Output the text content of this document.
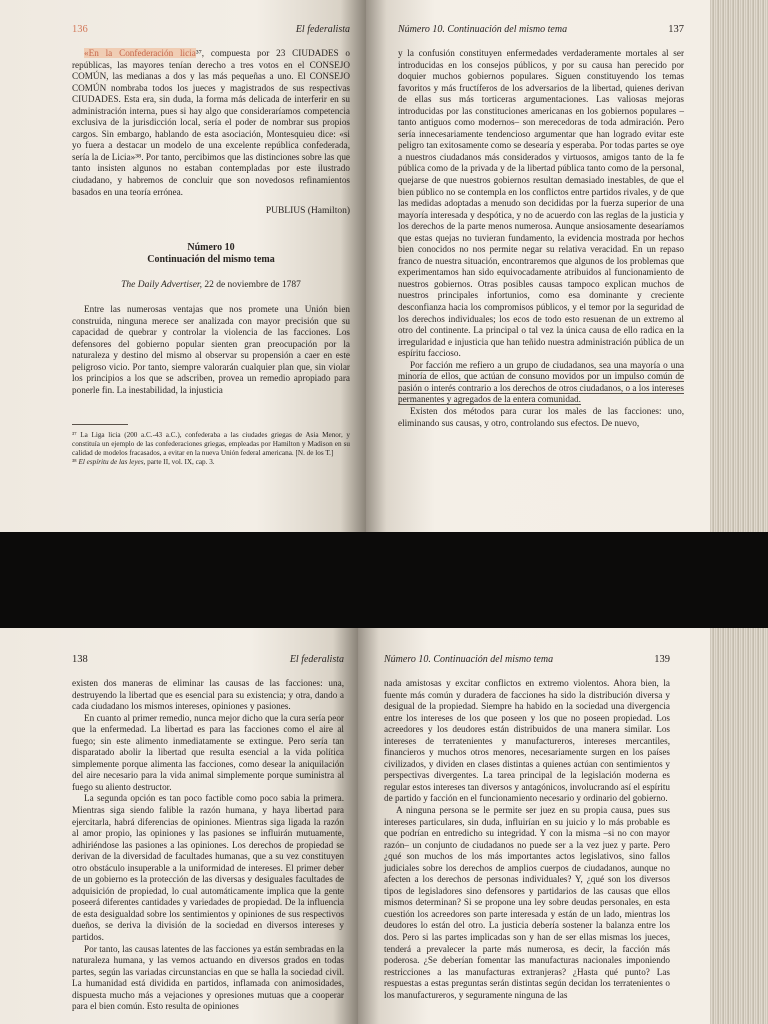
136	El federalista

«En la Confederación licia³⁷, compuesta por 23 CIUDADES o repúblicas, las mayores tenían derecho a tres votos en el CONSEJO COMÚN, las medianas a dos y las más pequeñas a uno. El CONSEJO COMÚN nombraba todos los jueces y magistrados de sus respectivas CIUDADES. Esta era, sin duda, la forma más delicada de interferir en su administración interna, pues si hay algo que consideraríamos competencia exclusiva de la jurisdicción local, sería el poder de nombrar sus propios cargos. Sin embargo, hablando de esta asociación, Montesquieu dice: «si yo fuera a destacar un modelo de una excelente república confederada, sería la de Licia»³⁸. Por tanto, percibimos que las distinciones sobre las que tanto insisten algunos no estaban contempladas por este ilustrado ciudadano, y habremos de concluir que son novedosos refinamientos basados en una teoría errónea.

PUBLIUS (Hamilton)
Número 10
Continuación del mismo tema
The Daily Advertiser, 22 de noviembre de 1787

Entre las numerosas ventajas que nos promete una Unión bien construida, ninguna merece ser analizada con mayor precisión que su capacidad de quebrar y controlar la violencia de las facciones. Los defensores del gobierno popular sienten gran preocupación por la naturaleza y destino del mismo al observar su propensión a caer en este peligroso vicio. Por tanto, siempre valorarán cualquier plan que, sin violar los principios a los que se adscriben, provea un remedio apropiado para ponerle fin. La inestabilidad, la injusticia

³⁷ La Liga licia (200 a.C.-43 a.C.), confederaba a las ciudades griegas de Asia Menor, y constituía un ejemplo de las confederaciones griegas, empleadas por Hamilton y Madison en su calidad de modelos fracasados, a evitar en la nueva Unión federal americana. [N. de los T.]

³⁸ El espíritu de las leyes, parte II, vol. IX, cap. 3.

Número 10. Continuación del mismo tema	137

y la confusión constituyen enfermedades verdaderamente mortales al ser introducidas en los consejos públicos, y por su causa han perecido por doquier muchos gobiernos populares. Siguen constituyendo los temas favoritos y más fructíferos de los adversarios de la libertad, quienes derivan de ellas sus más torticeras argumentaciones. Las valiosas mejoras introducidas por las constituciones americanas en los gobiernos populares –tanto antiguos como modernos– son merecedoras de toda admiración. Pero sería innecesariamente tendencioso argumentar que han logrado evitar este peligro tan exitosamente como se desearía y esperaba. Por todas partes se oye a nuestros ciudadanos más considerados y virtuosos, amigos tanto de la fe pública como de la privada y de la libertad pública tanto como de la personal, quejarse de que nuestros gobiernos resultan demasiado inestables, de que el bien público no se contempla en los conflictos entre partidos rivales, y de que las medidas adoptadas a menudo son decididas por la fuerza superior de una mayoría interesada y despótica, y no de acuerdo con las reglas de la justicia y los derechos de la parte menos numerosa. Aunque ansiosamente desearíamos que estas quejas no tuvieran fundamento, la evidencia mostrada por hechos bien conocidos no nos permite negar su relativa veracidad. En un repaso franco de nuestra situación, encontraremos que algunos de los problemas que experimentamos han sido equivocadamente atribuidos al funcionamiento de nuestros gobiernos. Otras posibles causas tampoco explican muchos de nuestros principales infortunios, como esa dominante y creciente desconfianza hacia los compromisos públicos, y el temor por la seguridad de los derechos individuales; los ecos de todo esto resuenan de un extremo al otro del continente. La principal o tal vez la única causa de ello radica en la irregularidad e injusticia que han teñido nuestra administración pública de un espíritu faccioso.

Por facción me refiero a un grupo de ciudadanos, sea una mayoría o una minoría de ellos, que actúan de consuno movidos por un impulso común de pasión o interés contrario a los derechos de otros ciudadanos, o a los intereses permanentes y agregados de la entera comunidad.

Existen dos métodos para curar los males de las facciones: uno, eliminando sus causas, y otro, controlando sus efectos. De nuevo,

138	El federalista

existen dos maneras de eliminar las causas de las facciones: una, destruyendo la libertad que es esencial para su existencia; y otra, dando a cada ciudadano los mismos intereses, opiniones y pasiones.

En cuanto al primer remedio, nunca mejor dicho que la cura sería peor que la enfermedad. La libertad es para las facciones como el aire al fuego; sin este alimento inmediatamente se extingue. Pero sería tan disparatado abolir la libertad que resulta esencial a la vida política simplemente porque alimenta las facciones, como desear la aniquilación del aire necesario para la vida animal simplemente porque suministra al fuego su aliento destructor.

La segunda opción es tan poco factible como poco sabia la primera. Mientras siga siendo falible la razón humana, y haya libertad para ejercitarla, habrá diferencias de opiniones. Mientras siga ligada la razón al amor propio, las opiniones y las pasiones se influirán mutuamente, adhiriéndose las pasiones a las opiniones. Los derechos de propiedad se derivan de la diversidad de facultades humanas, que a su vez constituyen otro obstáculo insuperable a la uniformidad de intereses. El primer deber de un gobierno es la protección de las diversas y desiguales facultades de adquisición de propiedad, lo cual automáticamente implica que la gente poseerá diferentes cantidades y variedades de propiedad. De la influencia de esta desigualdad sobre los sentimientos y opiniones de sus respectivos dueños, se deriva la división de la sociedad en diversos intereses y partidos.

Por tanto, las causas latentes de las facciones ya están sembradas en la naturaleza humana, y las vemos actuando en diversos grados en todas partes, según las variadas circunstancias en que se halla la sociedad civil. La humanidad está dividida en partidos, inflamada con animosidades, dispuesta mucho más a vejaciones y opresiones mutuas que a cooperar para el bien común. Esto resulta de opiniones

Número 10. Continuación del mismo tema	139

nada amistosas y excitar conflictos en extremo violentos. Ahora bien, la fuente más común y duradera de facciones ha sido la distribución diversa y desigual de la propiedad. Siempre ha habido en la sociedad una divergencia entre los intereses de los que poseen y los que no poseen propiedad. Los acreedores y los deudores están distribuidos de una manera similar. Los intereses de terratenientes y manufactureros, intereses mercantiles, financieros y muchos otros menores, necesariamente surgen en los países civilizados, y dividen en clases distintas a quienes actúan con sentimientos y perspectivas divergentes. La tarea principal de la legislación moderna es regular estos intereses tan diversos y antagónicos, involucrando así el espíritu de partido y facción en el funcionamiento necesario y ordinario del gobierno.

A ninguna persona se le permite ser juez en su propia causa, pues sus intereses particulares, sin duda, influirían en su juicio y lo más probable es que podrían en entredicho su integridad. Y con la misma –si no con mayor razón– un conjunto de ciudadanos no puede ser a la vez juez y parte. Pero ¿qué son muchos de los más importantes actos legislativos, sino fallos judiciales sobre los derechos de amplios cuerpos de ciudadanos, aunque no afecten a los derechos de personas individuales? Y, ¿qué son los diversos tipos de legisladores sino defensores y partidarios de las causas que ellos mismos determinan? Si se propone una ley sobre deudas personales, en esta cuestión los acreedores son parte interesada y están de un lado, mientras los deudores lo están del otro. La justicia debería sostener la balanza entre los dos. Pero si las partes implicadas son y han de ser ellas mismas los jueces, tenderá a prevalecer la parte más numerosa, es decir, la facción más poderosa. ¿Se deberían fomentar las manufacturas nacionales imponiendo restricciones a las manufacturas extranjeras? ¿Hasta qué punto? Las respuestas a estas preguntas serán distintas según decidan los terratenientes o los manufactureros, y seguramente ninguna de las
